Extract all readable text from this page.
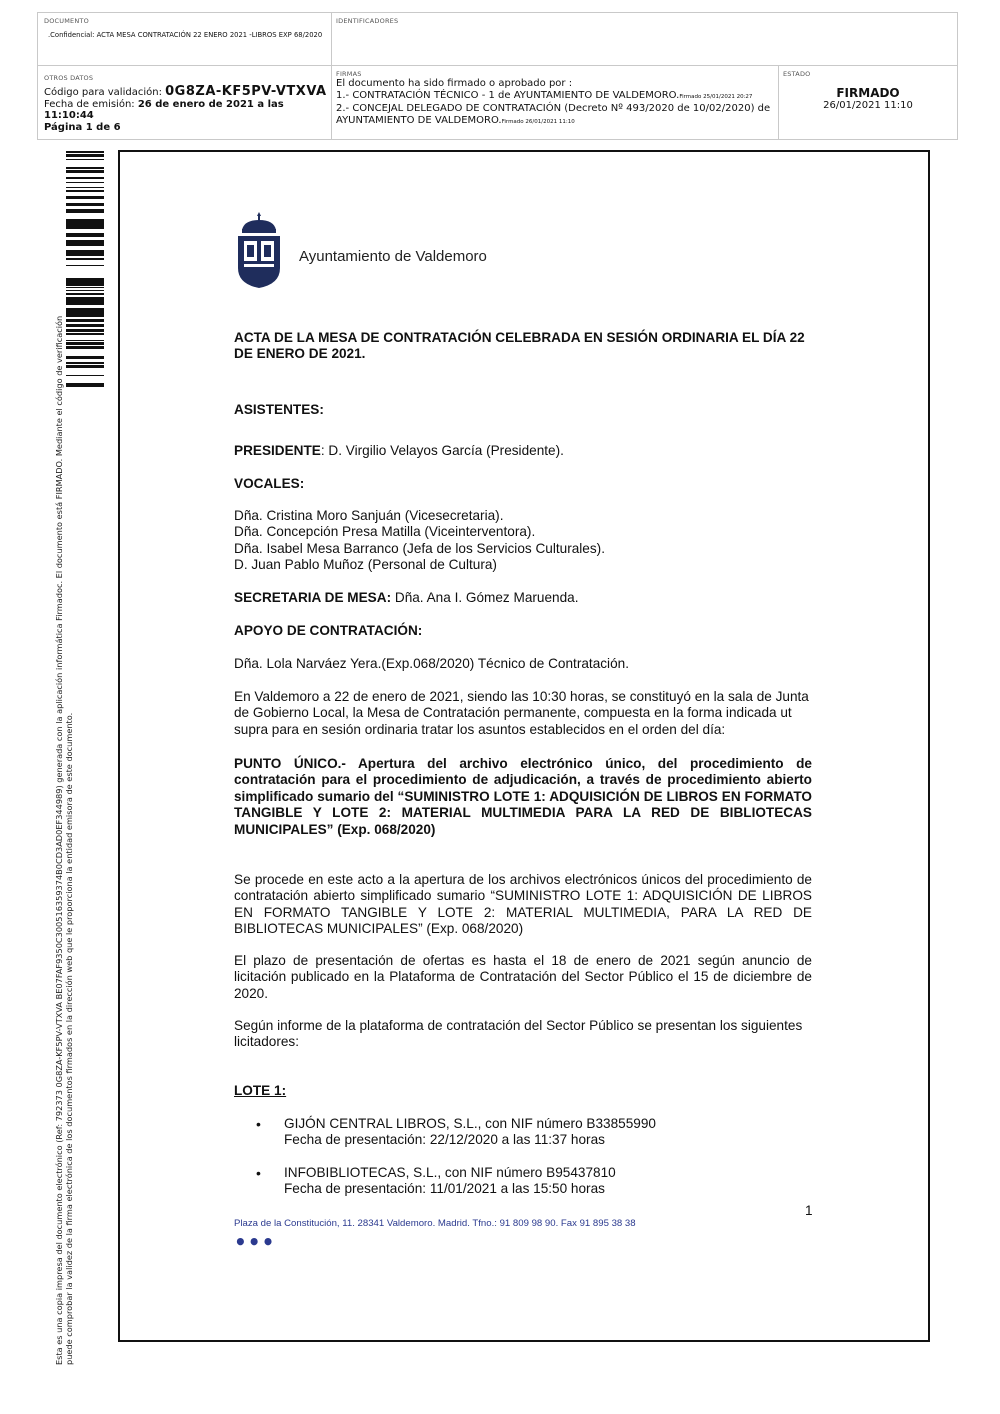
DOCUMENTO
.Confidencial: ACTA MESA CONTRATACIÓN 22 ENERO 2021 -LIBROS EXP 68/2020
IDENTIFICADORES
OTROS DATOS
Código para validación: 0G8ZA-KF5PV-VTXVA
Fecha de emisión: 26 de enero de 2021 a las 11:10:44
Página 1 de 6
FIRMAS
El documento ha sido firmado o aprobado por :
1.- CONTRATACIÓN TÉCNICO - 1 de AYUNTAMIENTO DE VALDEMORO.Firmado 25/01/2021 20:27
2.- CONCEJAL DELEGADO DE CONTRATACIÓN (Decreto Nº 493/2020 de 10/02/2020) de AYUNTAMIENTO DE VALDEMORO.Firmado 26/01/2021 11:10
ESTADO
FIRMADO
26/01/2021 11:10
Esta es una copia impresa del documento electrónico (Ref: 792373 0G8ZA-KF5PV-VTXVA BE07FAF9350C300516359374B0CD3AD0EF344989) generada con la aplicación informática Firmadoc. El documento está FIRMADO. Mediante el código de verificación puede comprobar la validez de la firma electrónica de los documentos firmados en la dirección web que le proporciona la entidad emisora de este documento.
Ayuntamiento de Valdemoro
ACTA DE LA MESA DE CONTRATACIÓN CELEBRADA EN SESIÓN ORDINARIA EL DÍA 22 DE ENERO DE 2021.
ASISTENTES:
PRESIDENTE: D. Virgilio Velayos García (Presidente).
VOCALES:
Dña. Cristina Moro Sanjuán (Vicesecretaria).
Dña. Concepción Presa Matilla (Viceinterventora).
Dña. Isabel Mesa Barranco (Jefa de los Servicios Culturales).
D. Juan Pablo Muñoz (Personal de Cultura)
SECRETARIA DE MESA: Dña. Ana I. Gómez Maruenda.
APOYO DE CONTRATACIÓN:
Dña. Lola Narváez Yera.(Exp.068/2020) Técnico de Contratación.
En Valdemoro a 22 de enero de 2021, siendo las 10:30 horas, se constituyó en la sala de Junta de Gobierno Local, la Mesa de Contratación permanente, compuesta en la forma indicada ut supra para en sesión ordinaria tratar los asuntos establecidos en el orden del día:
PUNTO ÚNICO.- Apertura del archivo electrónico único, del procedimiento de contratación para el procedimiento de adjudicación, a través de procedimiento abierto simplificado sumario del “SUMINISTRO LOTE 1: ADQUISICIÓN DE LIBROS EN FORMATO TANGIBLE Y LOTE 2: MATERIAL MULTIMEDIA PARA LA RED DE BIBLIOTECAS MUNICIPALES” (Exp. 068/2020)
Se procede en este acto a la apertura de los archivos electrónicos únicos del procedimiento de contratación abierto simplificado sumario “SUMINISTRO LOTE 1: ADQUISICIÓN DE LIBROS EN FORMATO TANGIBLE Y LOTE 2: MATERIAL MULTIMEDIA, PARA LA RED DE BIBLIOTECAS MUNICIPALES” (Exp. 068/2020)
El plazo de presentación de ofertas es hasta el 18 de enero de 2021 según anuncio de licitación publicado en la Plataforma de Contratación del Sector Público el 15 de diciembre de 2020.
Según informe de la plataforma de contratación del Sector Público se presentan los siguientes licitadores:
LOTE 1:
• GIJÓN CENTRAL LIBROS, S.L., con NIF número B33855990
Fecha de presentación: 22/12/2020 a las 11:37 horas
• INFOBIBLIOTECAS, S.L., con NIF número B95437810
Fecha de presentación: 11/01/2021 a las 15:50 horas
1
Plaza de la Constitución, 11. 28341 Valdemoro. Madrid. Tfno.: 91 809 98 90. Fax 91 895 38 38
•••
